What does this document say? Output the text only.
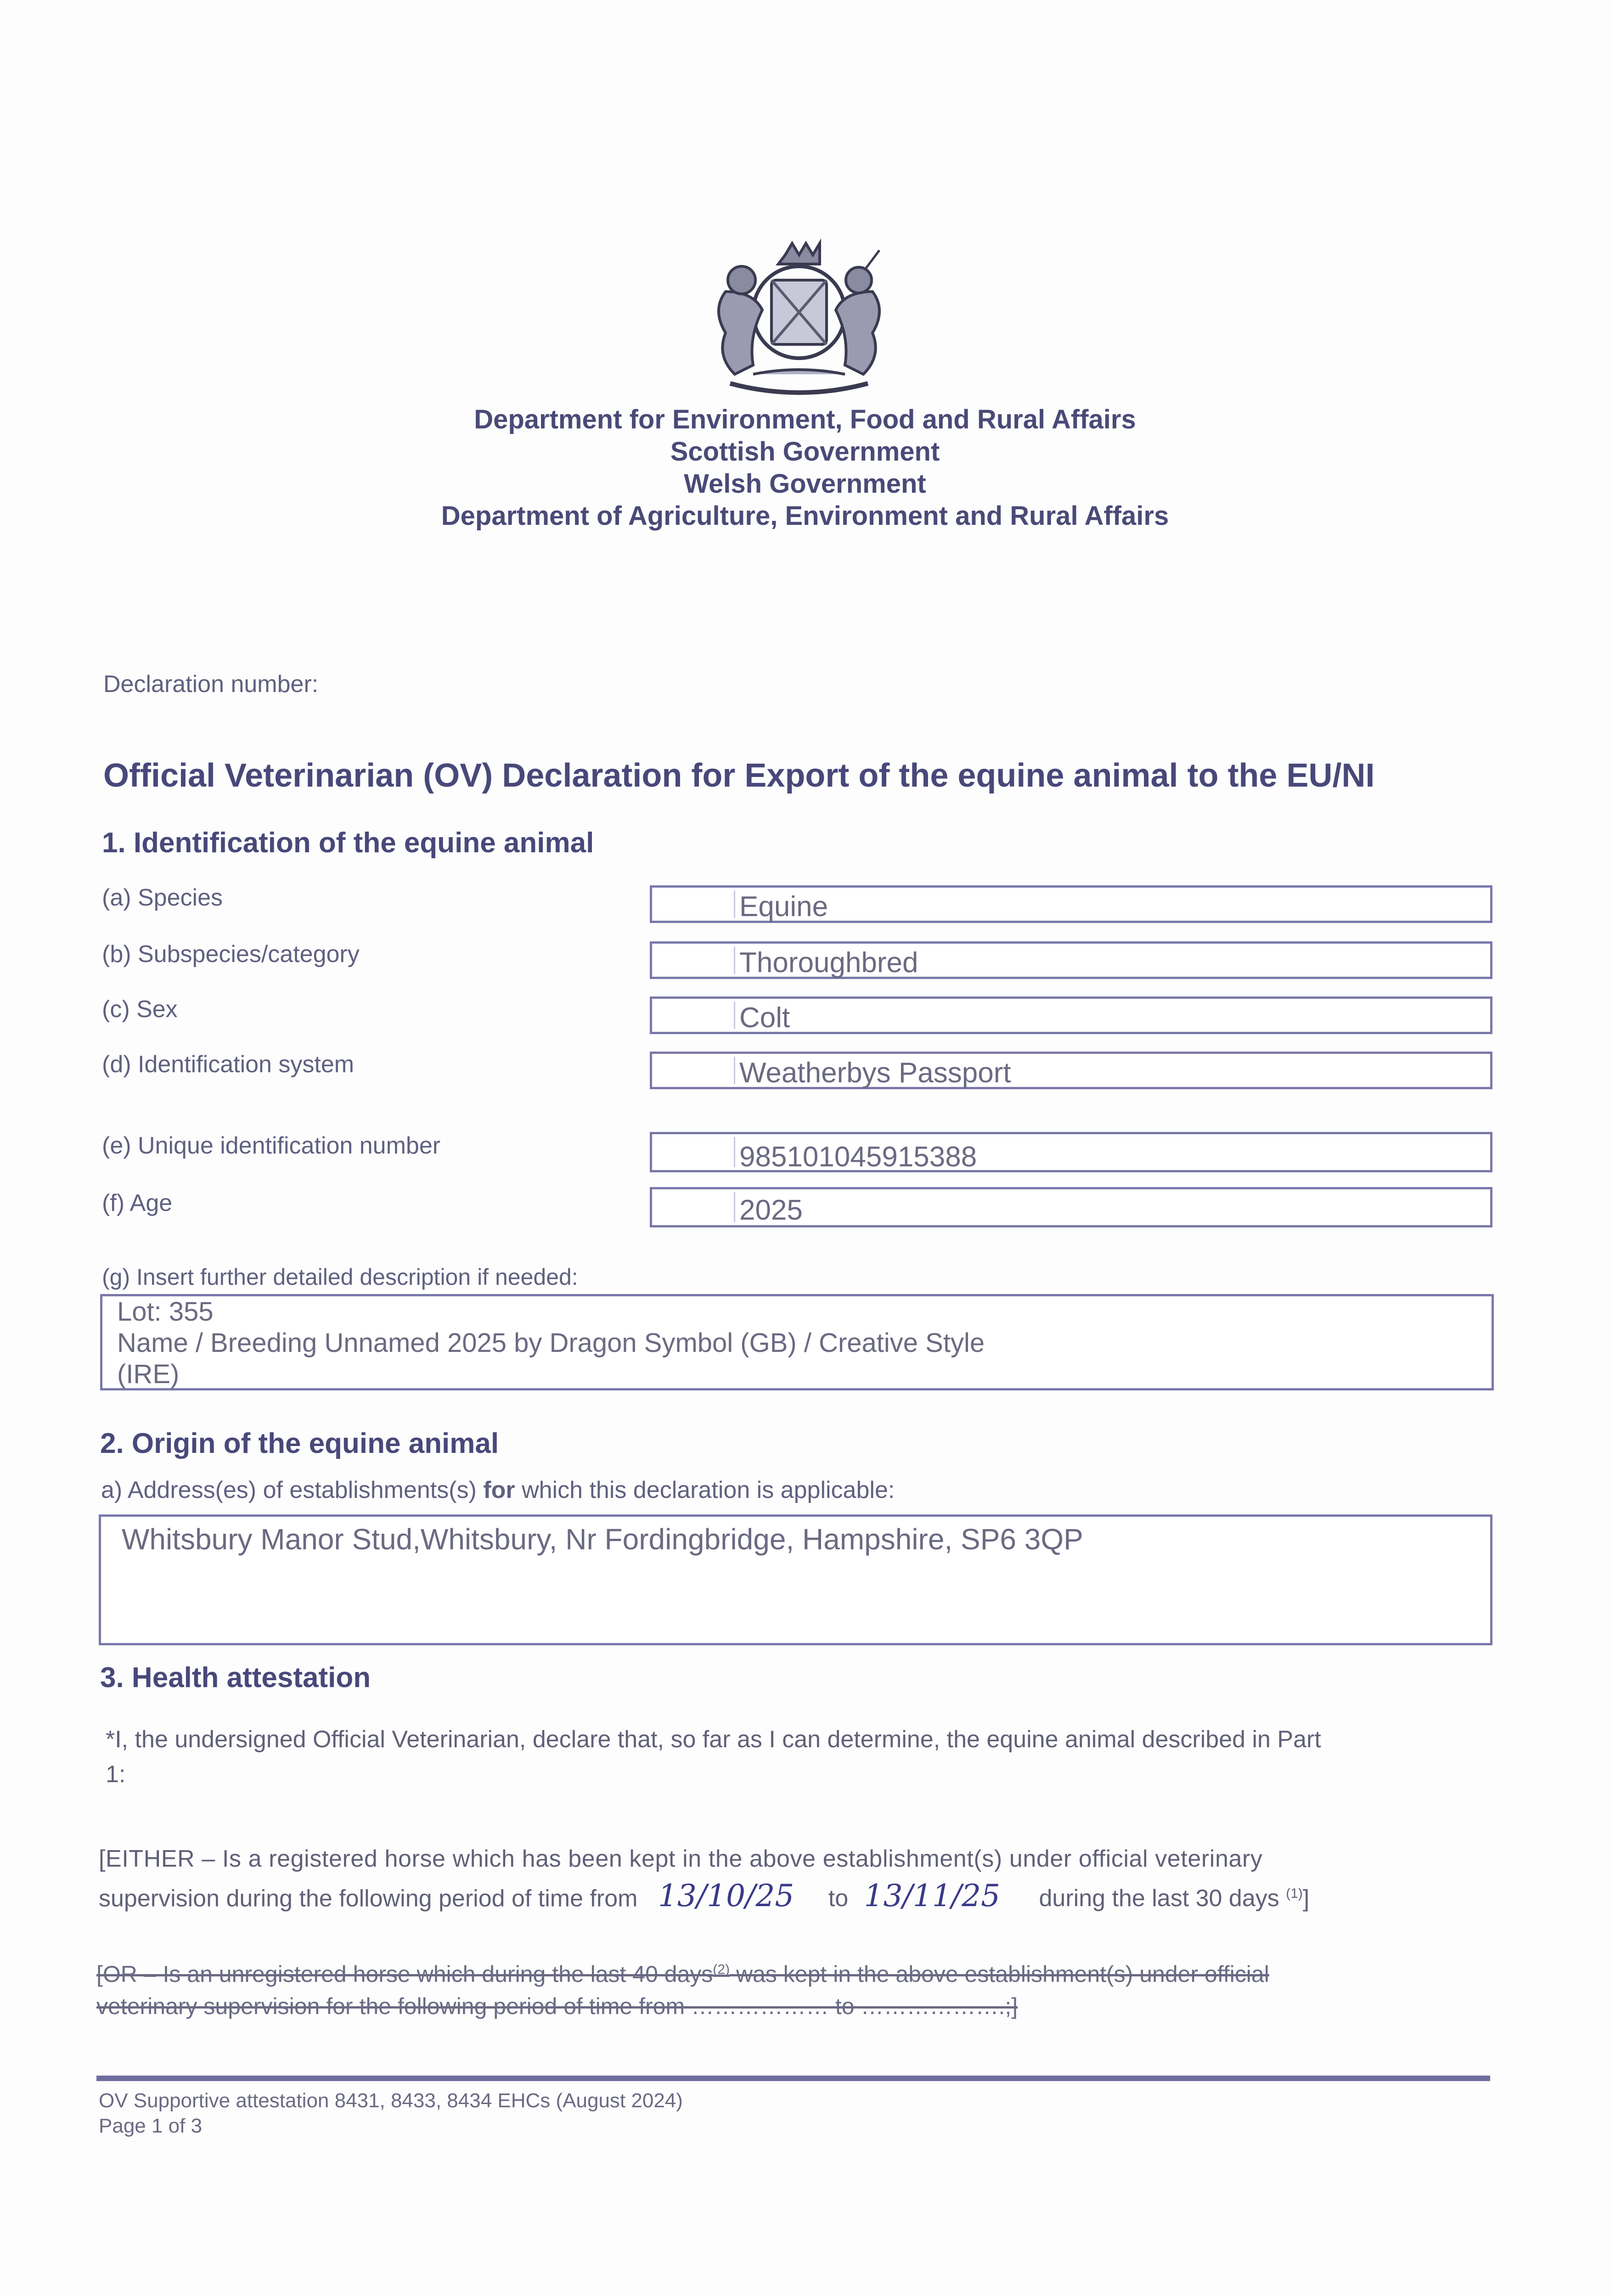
Department for Environment, Food and Rural Affairs
Scottish Government
Welsh Government
Department of Agriculture, Environment and Rural Affairs
Declaration number:
Official Veterinarian (OV) Declaration for Export of the equine animal to the EU/NI
1. Identification of the equine animal
(a) Species	Equine
(b) Subspecies/category	Thoroughbred
(c) Sex	Colt
(d) Identification system	Weatherbys Passport
(e) Unique identification number	985101045915388
(f) Age	2025
(g) Insert further detailed description if needed:
Lot: 355
Name / Breeding Unnamed 2025 by Dragon Symbol (GB) / Creative Style
(IRE)
2. Origin of the equine animal
a) Address(es) of establishments(s) for which this declaration is applicable:
Whitsbury Manor Stud,Whitsbury, Nr Fordingbridge, Hampshire, SP6 3QP
3. Health attestation
*I, the undersigned Official Veterinarian, declare that, so far as I can determine, the equine animal described in Part
1:
[EITHER – Is a registered horse which has been kept in the above establishment(s) under official veterinary
supervision during the following period of time from 13/10/25 to 13/11/25 during the last 30 days $^{(1)}$]
[OR – Is an unregistered horse which during the last 40 days$^{(2)}$ was kept in the above establishment(s) under official
veterinary supervision for the following period of time from ……………… to ……………….;]
OV Supportive attestation 8431, 8433, 8434 EHCs (August 2024)
Page 1 of 3
